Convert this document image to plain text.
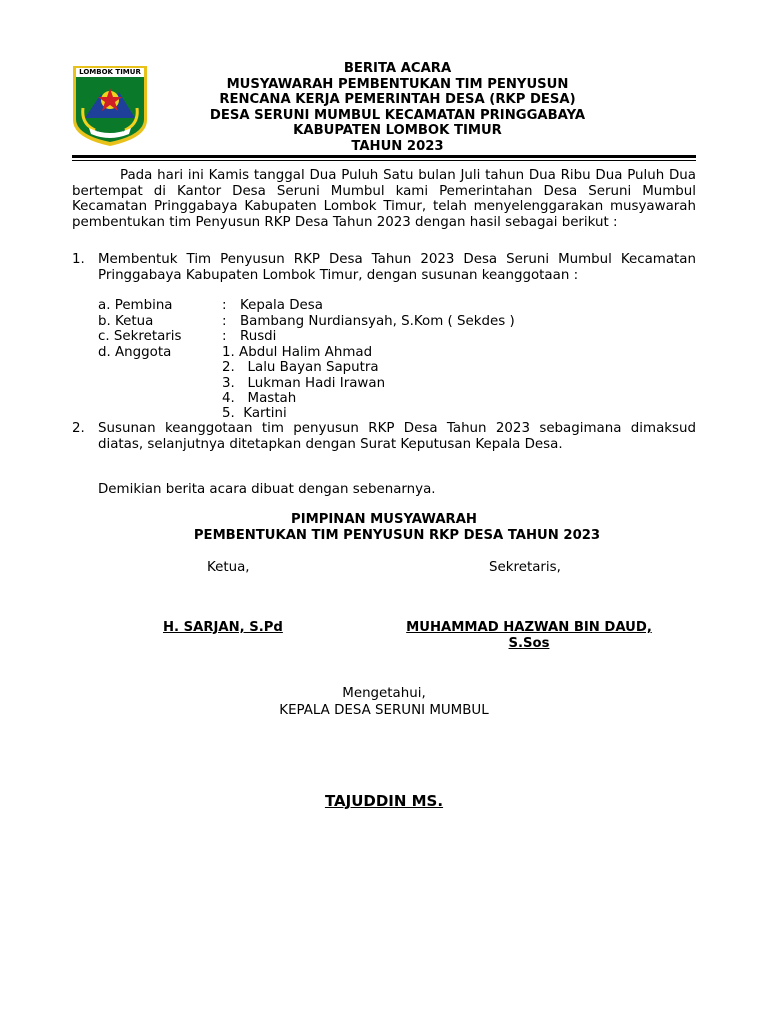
LOMBOK TIMUR
PATUH KARYA
BERITA ACARA
MUSYAWARAH PEMBENTUKAN TIM PENYUSUN
RENCANA KERJA PEMERINTAH DESA (RKP DESA)
DESA SERUNI MUMBUL KECAMATAN PRINGGABAYA
KABUPATEN LOMBOK TIMUR
TAHUN 2023
Pada hari ini Kamis tanggal Dua Puluh Satu bulan Juli tahun Dua Ribu Dua Puluh Dua bertempat di Kantor Desa Seruni Mumbul kami Pemerintahan Desa Seruni Mumbul Kecamatan Pringgabaya Kabupaten Lombok Timur, telah menyelenggarakan musyawarah pembentukan tim Penyusun RKP Desa Tahun 2023 dengan hasil sebagai berikut :
1. Membentuk Tim Penyusun RKP Desa Tahun 2023 Desa Seruni Mumbul Kecamatan Pringgabaya Kabupaten Lombok Timur, dengan susunan keanggotaan :
a. Pembina	: Kepala Desa
b. Ketua	: Bambang Nurdiansyah, S.Kom ( Sekdes )
c. Sekretaris	: Rusdi
d. Anggota	1. Abdul Halim Ahmad
2.   Lalu Bayan Saputra
3.   Lukman Hadi Irawan
4.   Mastah
5.  Kartini
2. Susunan keanggotaan tim penyusun RKP Desa Tahun 2023 sebagimana dimaksud diatas, selanjutnya ditetapkan dengan Surat Keputusan Kepala Desa.
Demikian berita acara dibuat dengan sebenarnya.
PIMPINAN MUSYAWARAH
PEMBENTUKAN TIM PENYUSUN RKP DESA TAHUN 2023
Ketua,	Sekretaris,
H. SARJAN, S.Pd	MUHAMMAD HAZWAN BIN DAUD,
S.Sos
Mengetahui,
KEPALA DESA SERUNI MUMBUL
TAJUDDIN MS.
